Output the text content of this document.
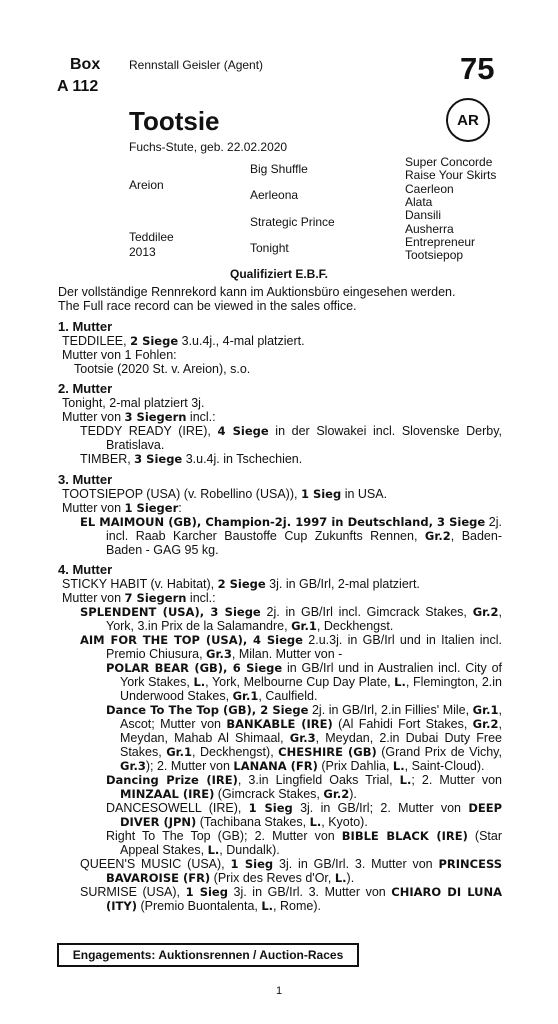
Box
A 112
Rennstall Geisler (Agent)	75
Tootsie
Fuchs-Stute, geb. 22.02.2020
AR
Areion
Teddilee
2013
Big Shuffle
Aerleona
Strategic Prince
Tonight
Super Concorde
Raise Your Skirts
Caerleon
Alata
Dansili
Ausherra
Entrepreneur
Tootsiepop
Qualifiziert E.B.F.
Der vollständige Rennrekord kann im Auktionsbüro eingesehen werden.
The Full race record can be viewed in the sales office.

1. Mutter

TEDDILEE, 2 Siege 3.u.4j., 4-mal platziert.

Mutter von 1 Fohlen:

Tootsie (2020 St. v. Areion), s.o.

2. Mutter

Tonight, 2-mal platziert 3j.

Mutter von 3 Siegern incl.:

TEDDY READY (IRE), 4 Siege in der Slowakei incl. Slovenske Derby, Bratislava.

TIMBER, 3 Siege 3.u.4j. in Tschechien.

3. Mutter

TOOTSIEPOP (USA) (v. Robellino (USA)), 1 Sieg in USA.

Mutter von 1 Sieger:

EL MAIMOUN (GB), Champion-2j. 1997 in Deutschland, 3 Siege 2j. incl. Raab Karcher Baustoffe Cup Zukunfts Rennen, Gr.2, Baden-Baden - GAG 95 kg.

4. Mutter

STICKY HABIT (v. Habitat), 2 Siege 3j. in GB/Irl, 2-mal platziert.

Mutter von 7 Siegern incl.:

SPLENDENT (USA), 3 Siege 2j. in GB/Irl incl. Gimcrack Stakes, Gr.2, York, 3.in Prix de la Salamandre, Gr.1, Deckhengst.

AIM FOR THE TOP (USA), 4 Siege 2.u.3j. in GB/Irl und in Italien incl. Premio Chiusura, Gr.3, Milan. Mutter von -

POLAR BEAR (GB), 6 Siege in GB/Irl und in Australien incl. City of York Stakes, L., York, Melbourne Cup Day Plate, L., Flemington, 2.in Underwood Stakes, Gr.1, Caulfield.

Dance To The Top (GB), 2 Siege 2j. in GB/Irl, 2.in Fillies' Mile, Gr.1, Ascot; Mutter von BANKABLE (IRE) (Al Fahidi Fort Stakes, Gr.2, Meydan, Mahab Al Shimaal, Gr.3, Meydan, 2.in Dubai Duty Free Stakes, Gr.1, Deckhengst), CHESHIRE (GB) (Grand Prix de Vichy, Gr.3); 2. Mutter von LANANA (FR) (Prix Dahlia, L., Saint-Cloud).

Dancing Prize (IRE), 3.in Lingfield Oaks Trial, L.; 2. Mutter von MINZAAL (IRE) (Gimcrack Stakes, Gr.2).

DANCESOWELL (IRE), 1 Sieg 3j. in GB/Irl; 2. Mutter von DEEP DIVER (JPN) (Tachibana Stakes, L., Kyoto).

Right To The Top (GB); 2. Mutter von BIBLE BLACK (IRE) (Star Appeal Stakes, L., Dundalk).

QUEEN'S MUSIC (USA), 1 Sieg 3j. in GB/Irl. 3. Mutter von PRINCESS BAVAROISE (FR) (Prix des Reves d'Or, L.).

SURMISE (USA), 1 Sieg 3j. in GB/Irl. 3. Mutter von CHIARO DI LUNA (ITY) (Premio Buontalenta, L., Rome).

Engagements: Auktionsrennen / Auction-Races
1
